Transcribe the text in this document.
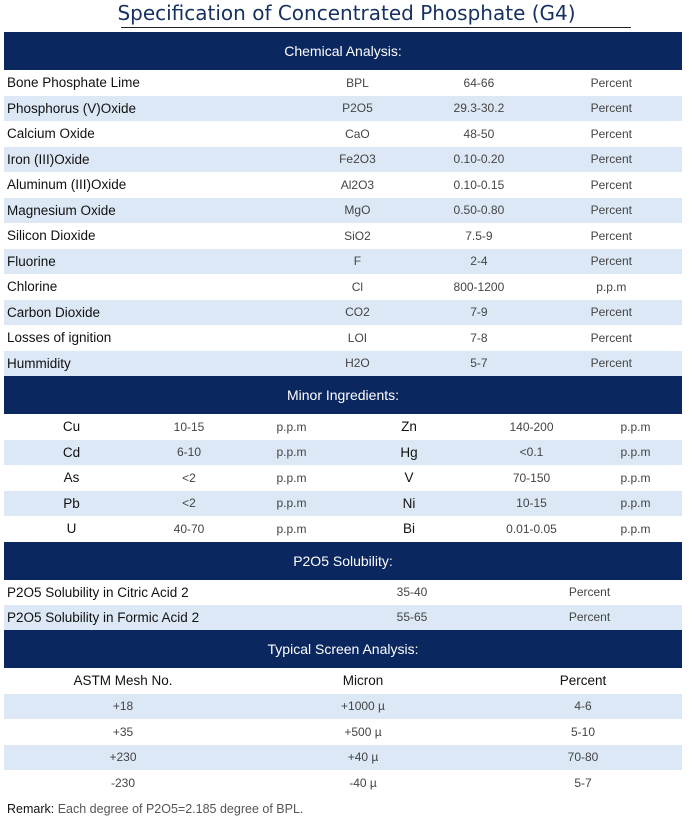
Specification of Concentrated Phosphate (G4)
Chemical Analysis:
Bone Phosphate Lime	BPL	64-66	Percent
Phosphorus (V)Oxide	P2O5	29.3-30.2	Percent
Calcium Oxide	CaO	48-50	Percent
Iron (III)Oxide	Fe2O3	0.10-0.20	Percent
Aluminum (III)Oxide	Al2O3	0.10-0.15	Percent
Magnesium Oxide	MgO	0.50-0.80	Percent
Silicon Dioxide	SiO2	7.5-9	Percent
Fluorine	F	2-4	Percent
Chlorine	Cl	800-1200	p.p.m
Carbon Dioxide	CO2	7-9	Percent
Losses of ignition	LOI	7-8	Percent
Hummidity	H2O	5-7	Percent
Minor Ingredients:
Cu	10-15	p.p.m	Zn	140-200	p.p.m
Cd	6-10	p.p.m	Hg	<0.1	p.p.m
As	<2	p.p.m	V	70-150	p.p.m
Pb	<2	p.p.m	Ni	10-15	p.p.m
U	40-70	p.p.m	Bi	0.01-0.05	p.p.m
P2O5 Solubility:
P2O5 Solubility in Citric Acid 2	35-40	Percent
P2O5 Solubility in Formic Acid 2	55-65	Percent
Typical Screen Analysis:
ASTM Mesh No.	Micron	Percent
+18	+1000 µ	4-6
+35	+500 µ	5-10
+230	+40 µ	70-80
-230	-40 µ	5-7
Remark: Each degree of P2O5=2.185 degree of BPL.
